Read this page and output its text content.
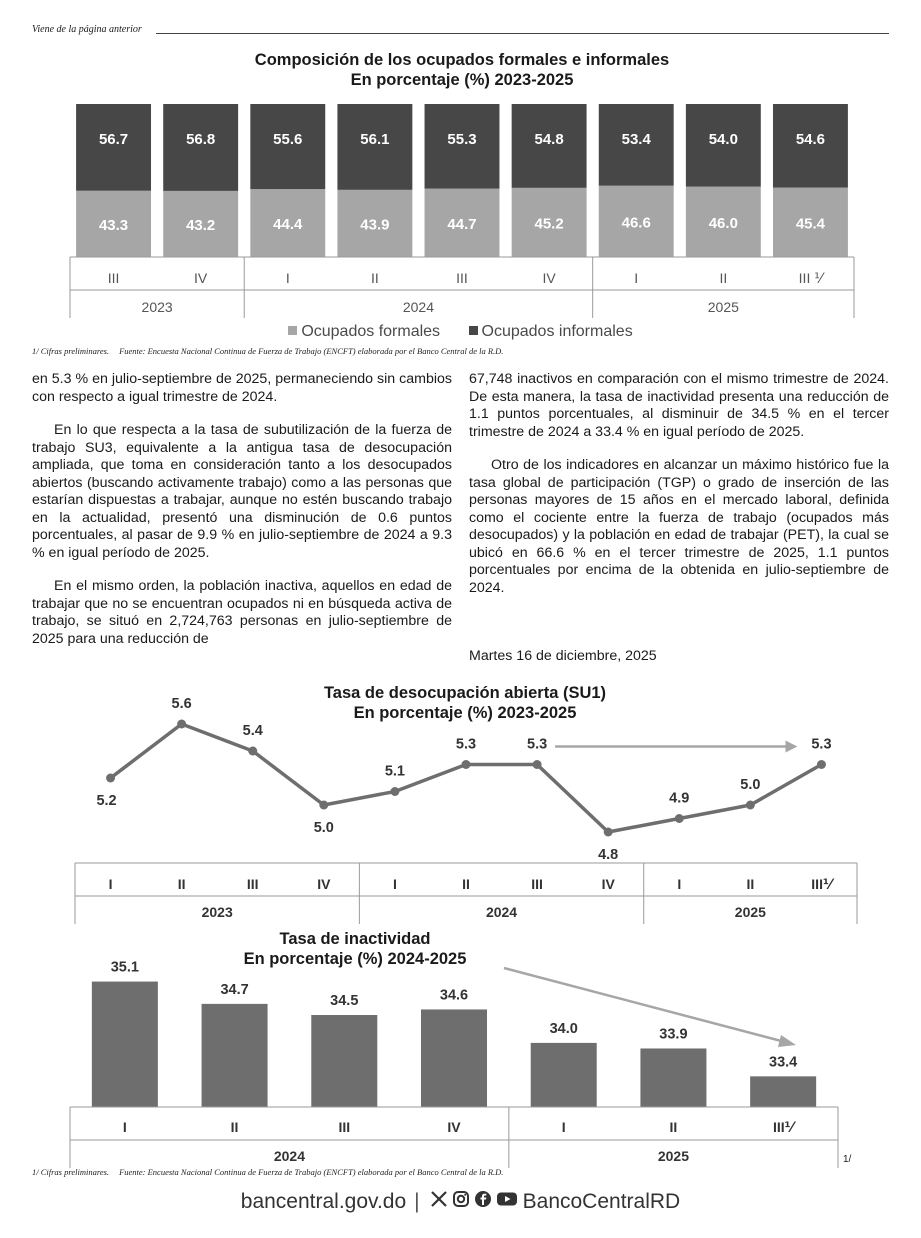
Viene de la página anterior
Composición de los ocupados formales e informales
En porcentaje (%) 2023-2025
43.3
56.7
43.2
56.8
44.4
55.6
43.9
56.1
44.7
55.3
45.2
54.8
46.6
53.4
46.0
54.0
45.4
54.6
2023	2024	2025
III	IV	I	II	III	IV	I	II	III ⅟
Ocupados formales	Ocupados informales
1/ Cifras preliminares. Fuente: Encuesta Nacional Continua de Fuerza de Trabajo (ENCFT) elaborada por el Banco Central de la R.D.

en 5.3 % en julio-septiembre de 2025, permaneciendo sin cambios con respecto a igual trimestre de 2024.

En lo que respecta a la tasa de subutilización de la fuerza de trabajo SU3, equivalente a la antigua tasa de desocupación ampliada, que toma en consideración tanto a los desocupados abiertos (buscando activamente trabajo) como a las personas que estarían dispuestas a trabajar, aunque no estén buscando trabajo en la actualidad, presentó una disminución de 0.6 puntos porcentuales, al pasar de 9.9 % en julio-septiembre de 2024 a 9.3 % en igual período de 2025.

En el mismo orden, la población inactiva, aquellos en edad de trabajar que no se encuentran ocupados ni en búsqueda activa de trabajo, se situó en 2,724,763 personas en julio-septiembre de 2025 para una reducción de

67,748 inactivos en comparación con el mismo trimestre de 2024. De esta manera, la tasa de inactividad presenta una reducción de 1.1 puntos porcentuales, al disminuir de 34.5 % en el tercer trimestre de 2024 a 33.4 % en igual período de 2025.

Otro de los indicadores en alcanzar un máximo histórico fue la tasa global de participación (TGP) o grado de inserción de las personas mayores de 15 años en el mercado laboral, definida como el cociente entre la fuerza de trabajo (ocupados más desocupados) y la población en edad de trabajar (PET), la cual se ubicó en 66.6 % en el tercer trimestre de 2025, 1.1 puntos porcentuales por encima de la obtenida en julio-septiembre de 2024.

Martes 16 de diciembre, 2025
Tasa de desocupación abierta (SU1)
En porcentaje (%) 2023-2025
5.2
5.6
5.4
5.0
5.1
5.3	5.3
4.8
4.9
5.0
5.3
2023	2024	2025
I	II	III	IV	I	II	III	IV	I	II	III⅟
Tasa de inactividad
En porcentaje (%) 2024-2025
35.1
34.7
34.5	34.6
34.0	33.9
33.4
2024	2025
I	II	III	IV	I	II	III⅟
1/ Cifras preliminares. Fuente: Encuesta Nacional Continua de Fuerza de Trabajo (ENCFT) elaborada por el Banco Central de la R.D.
1/
bancentral.gov.do |	BancoCentralRD
